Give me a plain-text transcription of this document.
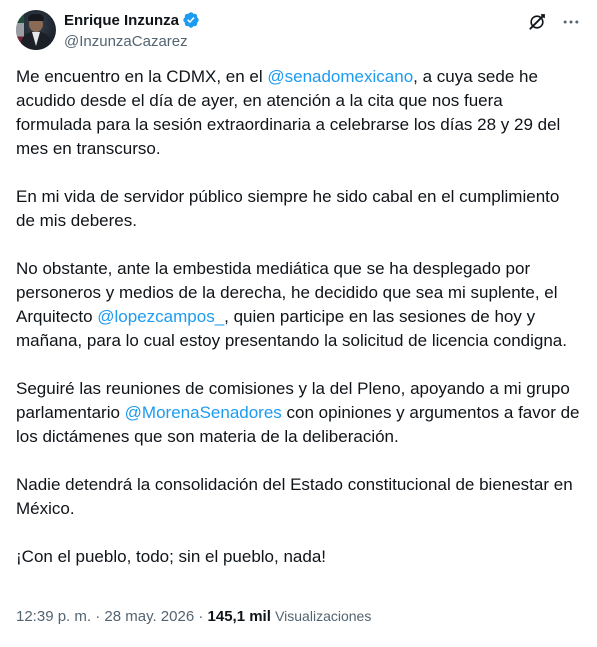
Enrique Inzunza
@InzunzaCazarez

Me encuentro en la CDMX, en el @senadomexicano, a cuya sede he acudido desde el día de ayer, en atención a la cita que nos fuera formulada para la sesión extraordinaria a celebrarse los días 28 y 29 del mes en transcurso.

En mi vida de servidor público siempre he sido cabal en el cumplimiento de mis deberes.

No obstante, ante la embestida mediática que se ha desplegado por personeros y medios de la derecha, he decidido que sea mi suplente, el Arquitecto @lopezcampos_, quien participe en las sesiones de hoy y mañana, para lo cual estoy presentando la solicitud de licencia condigna.

Seguiré las reuniones de comisiones y la del Pleno, apoyando a mi grupo parlamentario @MorenaSenadores con opiniones y argumentos a favor de los dictámenes que son materia de la deliberación.

Nadie detendrá la consolidación del Estado constitucional de bienestar en México.

¡Con el pueblo, todo; sin el pueblo, nada!

12:39 p. m. · 28 may. 2026 · 145,1 mil Visualizaciones
